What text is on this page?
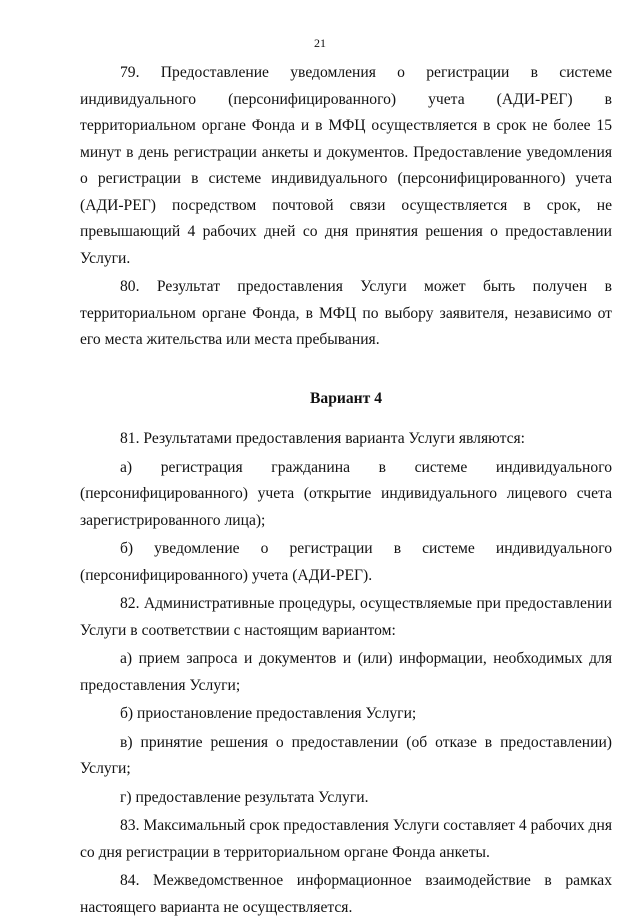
21

79. Предоставление уведомления о регистрации в системе индивидуального (персонифицированного) учета (АДИ-РЕГ) в территориальном органе Фонда и в МФЦ осуществляется в срок не более 15 минут в день регистрации анкеты и документов. Предоставление уведомления о регистрации в системе индивидуального (персонифицированного) учета (АДИ-РЕГ) посредством почтовой связи осуществляется в срок, не превышающий 4 рабочих дней со дня принятия решения о предоставлении Услуги.

80. Результат предоставления Услуги может быть получен в территориальном органе Фонда, в МФЦ по выбору заявителя, независимо от его места жительства или места пребывания.

Вариант 4

81. Результатами предоставления варианта Услуги являются:

а) регистрация гражданина в системе индивидуального (персонифицированного) учета (открытие индивидуального лицевого счета зарегистрированного лица);

б) уведомление о регистрации в системе индивидуального (персонифицированного) учета (АДИ-РЕГ).

82. Административные процедуры, осуществляемые при предоставлении Услуги в соответствии с настоящим вариантом:

а) прием запроса и документов и (или) информации, необходимых для предоставления Услуги;

б) приостановление предоставления Услуги;

в) принятие решения о предоставлении (об отказе в предоставлении) Услуги;

г) предоставление результата Услуги.

83. Максимальный срок предоставления Услуги составляет 4 рабочих дня со дня регистрации в территориальном органе Фонда анкеты.

84. Межведомственное информационное взаимодействие в рамках настоящего варианта не осуществляется.
